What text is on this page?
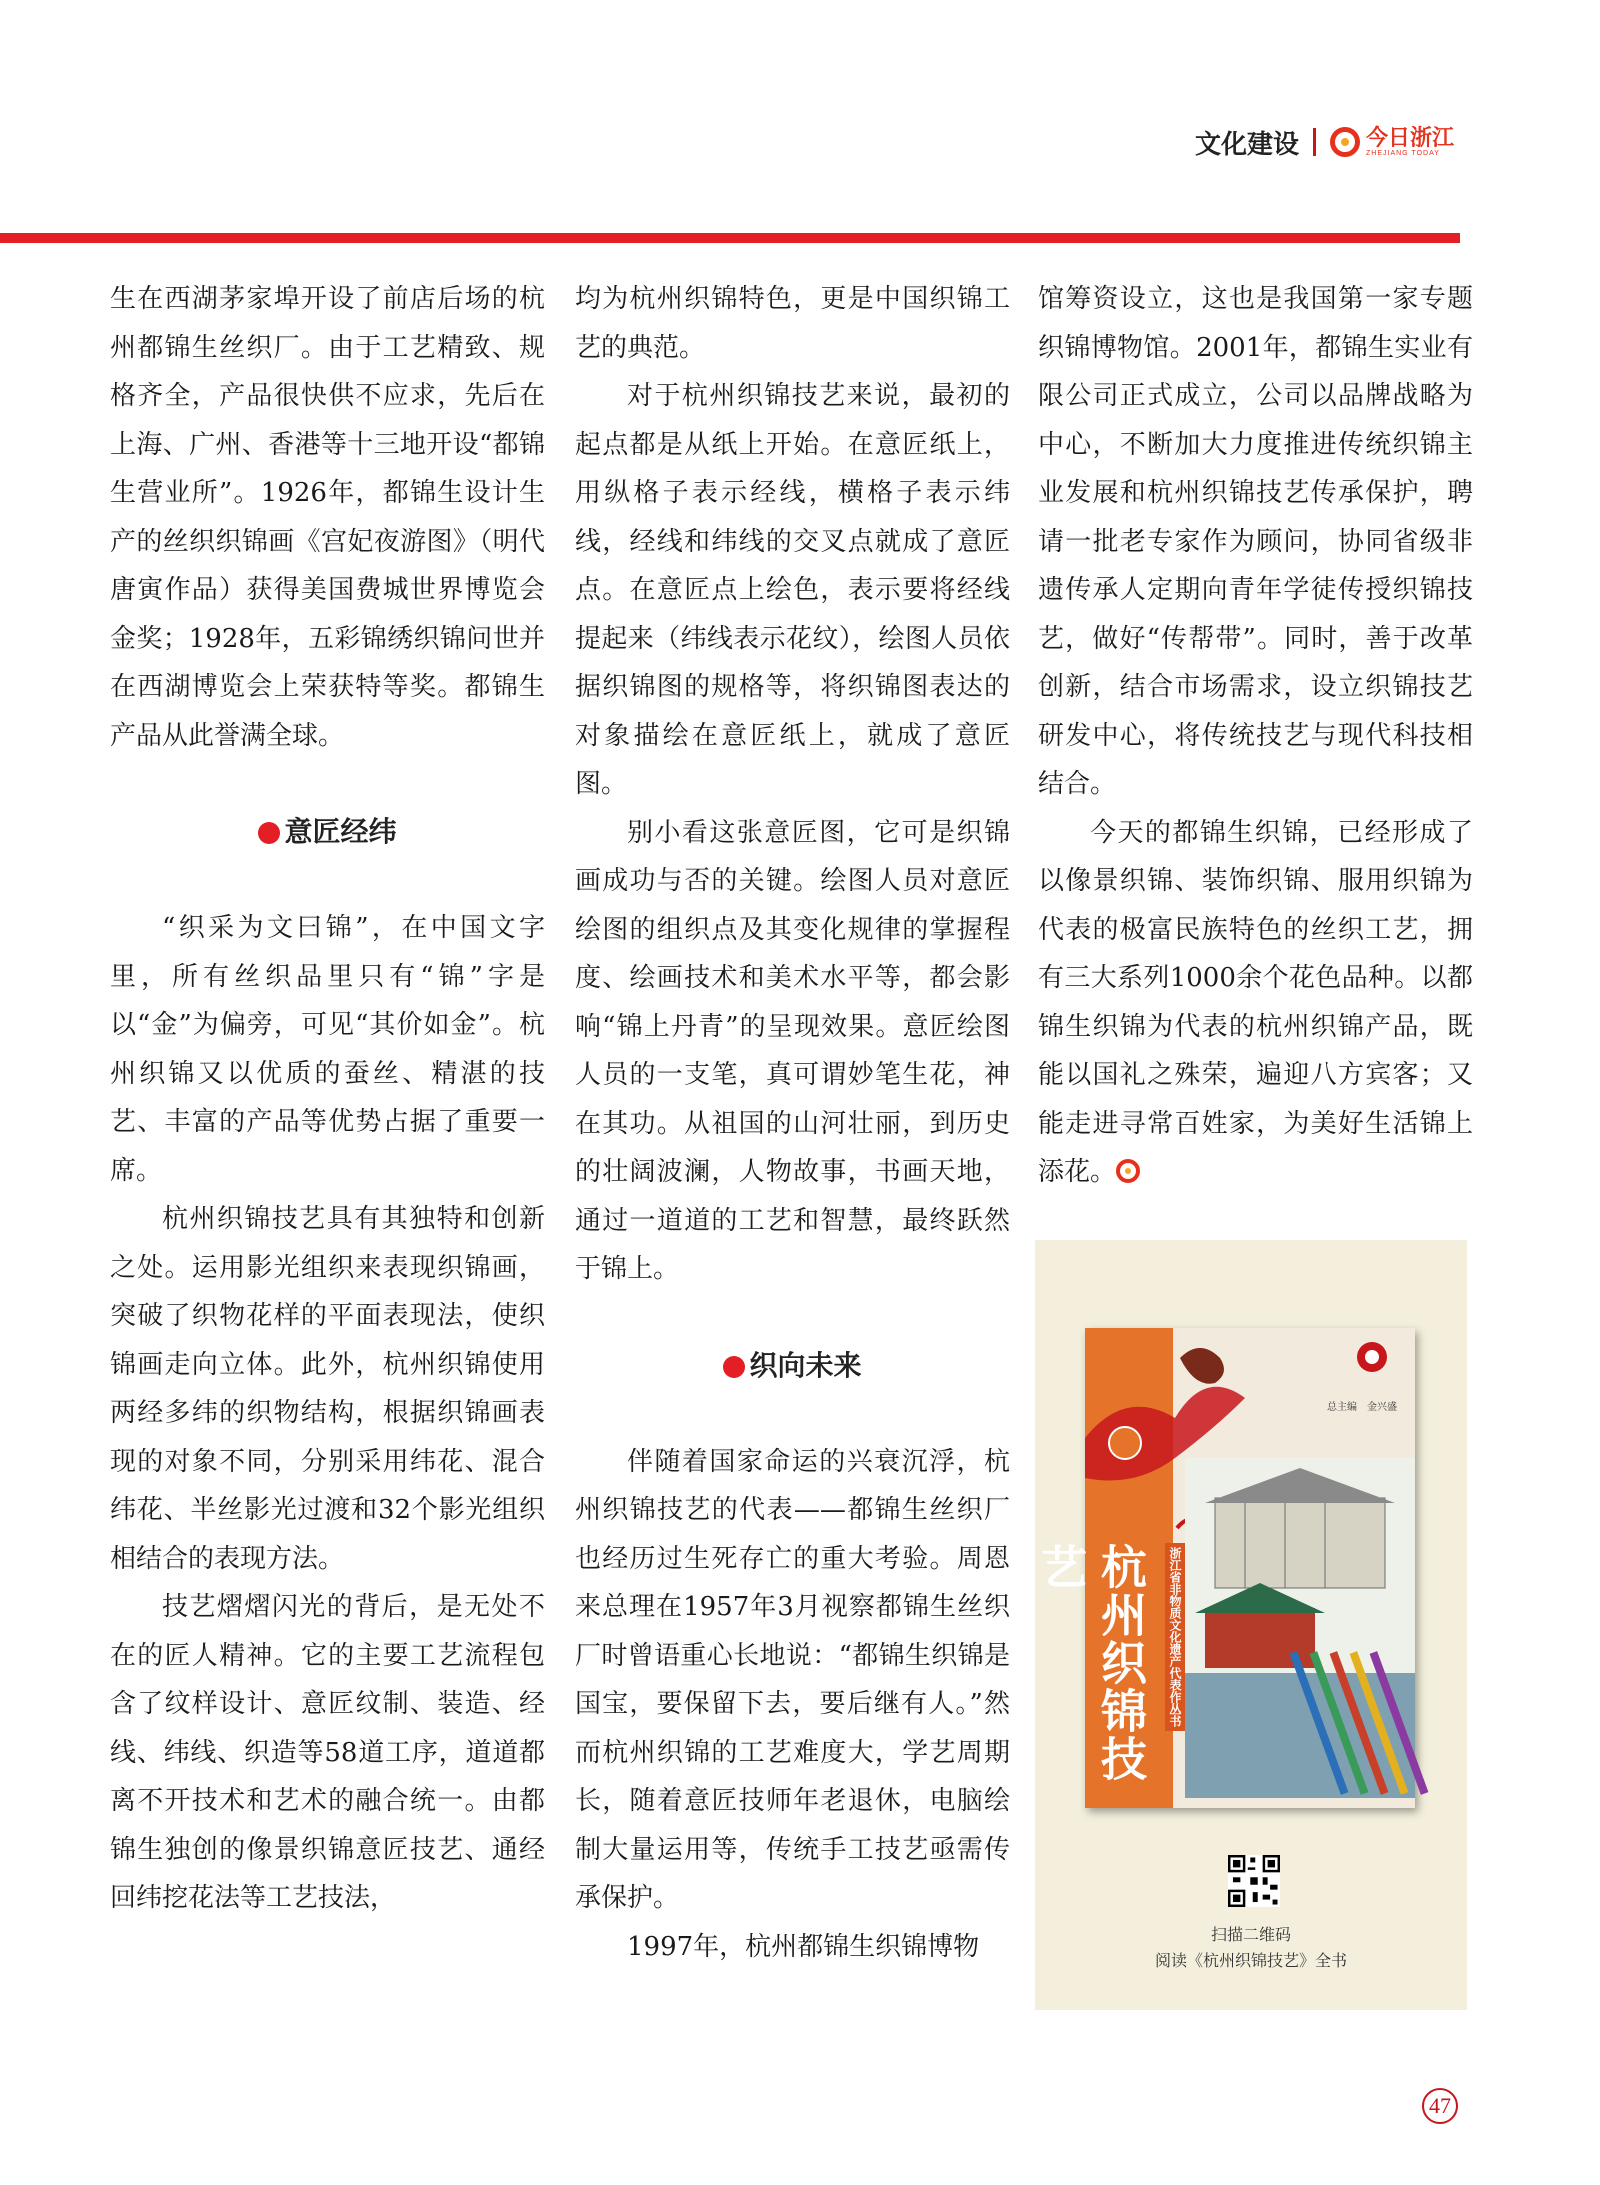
文化建设	今日浙江
ZHEJIANG TODAY

生在西湖茅家埠开设了前店后场的杭州都锦生丝织厂。由于工艺精致、规格齐全，产品很快供不应求，先后在上海、广州、香港等十三地开设“都锦生营业所”。1926年，都锦生设计生产的丝织织锦画《宫妃夜游图》（明代唐寅作品）获得美国费城世界博览会金奖；1928年，五彩锦绣织锦问世并在西湖博览会上荣获特等奖。都锦生产品从此誉满全球。

意匠经纬

“织采为文曰锦”，在中国文字里，所有丝织品里只有“锦”字是以“金”为偏旁，可见“其价如金”。杭州织锦又以优质的蚕丝、精湛的技艺、丰富的产品等优势占据了重要一席。

杭州织锦技艺具有其独特和创新之处。运用影光组织来表现织锦画，突破了织物花样的平面表现法，使织锦画走向立体。此外，杭州织锦使用两经多纬的织物结构，根据织锦画表现的对象不同，分别采用纬花、混合纬花、半丝影光过渡和32个影光组织相结合的表现方法。

技艺熠熠闪光的背后，是无处不在的匠人精神。它的主要工艺流程包含了纹样设计、意匠纹制、装造、经线、纬线、织造等58道工序，道道都离不开技术和艺术的融合统一。由都锦生独创的像景织锦意匠技艺、通经回纬挖花法等工艺技法，

均为杭州织锦特色，更是中国织锦工艺的典范。

对于杭州织锦技艺来说，最初的起点都是从纸上开始。在意匠纸上，用纵格子表示经线，横格子表示纬线，经线和纬线的交叉点就成了意匠点。在意匠点上绘色，表示要将经线提起来（纬线表示花纹），绘图人员依据织锦图的规格等，将织锦图表达的对象描绘在意匠纸上，就成了意匠图。

别小看这张意匠图，它可是织锦画成功与否的关键。绘图人员对意匠绘图的组织点及其变化规律的掌握程度、绘画技术和美术水平等，都会影响“锦上丹青”的呈现效果。意匠绘图人员的一支笔，真可谓妙笔生花，神在其功。从祖国的山河壮丽，到历史的壮阔波澜，人物故事，书画天地，通过一道道的工艺和智慧，最终跃然于锦上。

织向未来

伴随着国家命运的兴衰沉浮，杭州织锦技艺的代表——都锦生丝织厂也经历过生死存亡的重大考验。周恩来总理在1957年3月视察都锦生丝织厂时曾语重心长地说：“都锦生织锦是国宝，要保留下去，要后继有人。”然而杭州织锦的工艺难度大，学艺周期长，随着意匠技师年老退休，电脑绘制大量运用等，传统手工技艺亟需传承保护。

1997年，杭州都锦生织锦博物

馆筹资设立，这也是我国第一家专题织锦博物馆。2001年，都锦生实业有限公司正式成立，公司以品牌战略为中心，不断加大力度推进传统织锦主业发展和杭州织锦技艺传承保护，聘请一批老专家作为顾问，协同省级非遗传承人定期向青年学徒传授织锦技艺，做好“传帮带”。同时，善于改革创新，结合市场需求，设立织锦技艺研发中心，将传统技艺与现代科技相结合。

今天的都锦生织锦，已经形成了以像景织锦、装饰织锦、服用织锦为代表的极富民族特色的丝织工艺，拥有三大系列1000余个花色品种。以都锦生织锦为代表的杭州织锦产品，既能以国礼之殊荣，遍迎八方宾客；又能走进寻常百姓家，为美好生活锦上添花。

总主编　金兴盛
杭州织锦技艺	浙江省非物质文化遗产代表作丛书
扫描二维码
阅读《杭州织锦技艺》全书
47
